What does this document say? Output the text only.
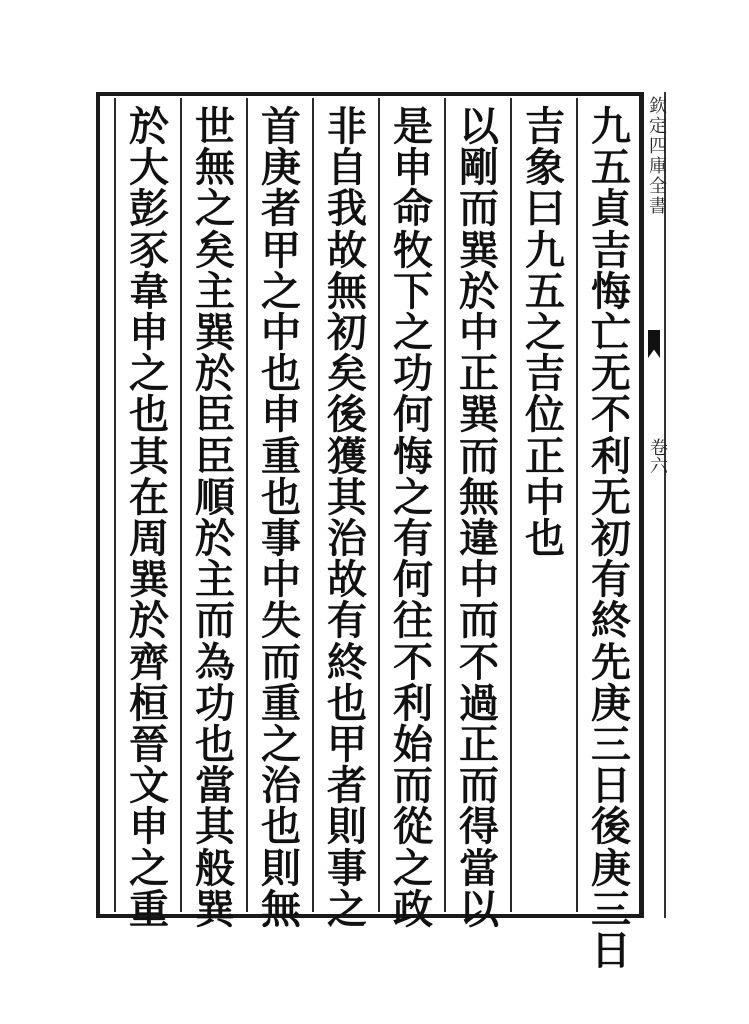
九
五
貞
吉
悔
亡
无
不
利
无
初
有
終
先
庚
三
日
後
庚
三
日
吉
象
曰
九
五
之
吉
位
正
中
也
以
剛
而
巽
於
中
正
巽
而
無
違
中
而
不
過
正
而
得
當
以
是
申
命
牧
下
之
功
何
悔
之
有
何
往
不
利
始
而
從
之
政
非
自
我
故
無
初
矣
後
獲
其
治
故
有
終
也
甲
者
則
事
之
首
庚
者
甲
之
中
也
申
重
也
事
中
失
而
重
之
治
也
則
無
世
無
之
矣
主
巽
於
臣
臣
順
於
主
而
為
功
也
當
其
般
巽
於
大
彭
豕
韋
申
之
也
其
在
周
巽
於
齊
桓
晉
文
申
之
重
欽定四庫全書
卷六
